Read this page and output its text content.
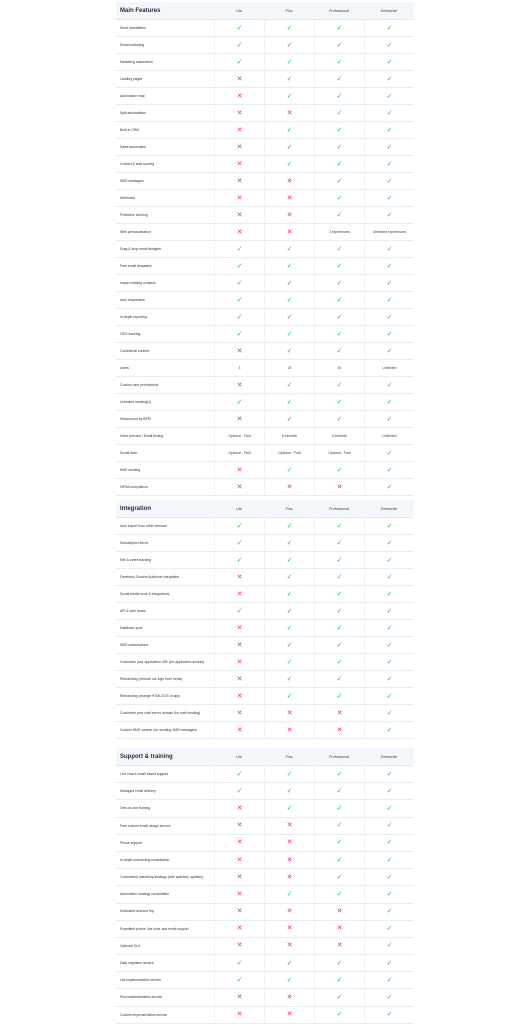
Main Features	Lite	Plus	Professional	Enterprise
Send newsletters	✓	✓	✓	✓
Email marketing	✓	✓	✓	✓
Marketing automation	✓	✓	✓	✓
Landing pages	✕	✓	✓	✓
Automation map	✕	✓	✓	✓
Split automations	✕	✕	✓	✓
Built-in CRM	✕	✓	✓	✓
Sales automation	✕	✓	✓	✓
Contact & lead scoring	✕	✓	✓	✓
SMS messages	✕	✕	✓	✓
Attribution	✕	✕	✓	✓
Predictive sending	✕	✕	✓	✓
Web personalization	✕	✕	3 experiences	Unlimited experiences
Drag & drop email designer	✓	✓	✓	✓
Free email templates	✓	✓	✓	✓
Import existing contacts	✓	✓	✓	✓
Auto responders	✓	✓	✓	✓
In-depth reporting	✓	✓	✓	✓
GEO tracking	✓	✓	✓	✓
Conditional content	✕	✓	✓	✓
Users	3	25	50	Unlimited
Custom user permissions	✕	✓	✓	✓
Unlimited sending(1)	✓	✓	✓	✓
Subaccount by BPM	✕	✓	✓	✓
Inbox preview / Email testing	Optional - Paid	5 free/mth	5 free/mth	Unlimited
Social data	Optional - Paid	Optional - Paid	Optional - Paid	✓
SMS sending	✕	✓	✓	✓
HIPAA compliance	✕	✕	✕	✓
Integration	Lite	Plus	Professional	Enterprise
Auto import from other services	✓	✓	✓	✓
Subscription forms	✓	✓	✓	✓
Site & event tracking	✓	✓	✓	✓
Facebook Custom Audience integration	✕	✓	✓	✓
Social media tools & integrations	✕	✓	✓	✓
API & web hooks	✓	✓	✓	✓
Database sync	✕	✓	✓	✓
SMS subscriptions	✕	✓	✓	✓
Customize your application URL (for application access)	✕	✓	✓	✓
Rebranding (remove our logo from forms)	✕	✓	✓	✓
Rebranding (change HTML/CSS of app)	✕	✓	✓	✓
Customize your mail server domain (for mail sending)	✕	✕	✕	✓
Custom SMS number (for sending SMS messages)	✕	✕	✕	✓
Support & training	Lite	Plus	Professional	Enterprise
Live chat & email based support	✓	✓	✓	✓
Managed email delivery	✓	✓	✓	✓
One-on-one training	✕	✓	✓	✓
Free custom email design service	✕	✕	✓	✓
Phone support	✕	✕	✓	✓
In-depth onboarding consultation	✕	✕	✓	✓
Customized marketing strategy (with quarterly updates)	✕	✕	✓	✓
Automation strategy consultation	✕	✓	✓	✓
Dedicated account rep	✕	✕	✕	✓
Expedited phone, live chat, and email support	✕	✕	✕	✓
Optional SLA	✕	✕	✕	✓
Data migration service	✓	✓	✓	✓
Lite implementation service	✓	✓	✓	✓
Plus implementation service	✕	✕	✓	✓
Custom implementation service	✕	✕	✓	✓
